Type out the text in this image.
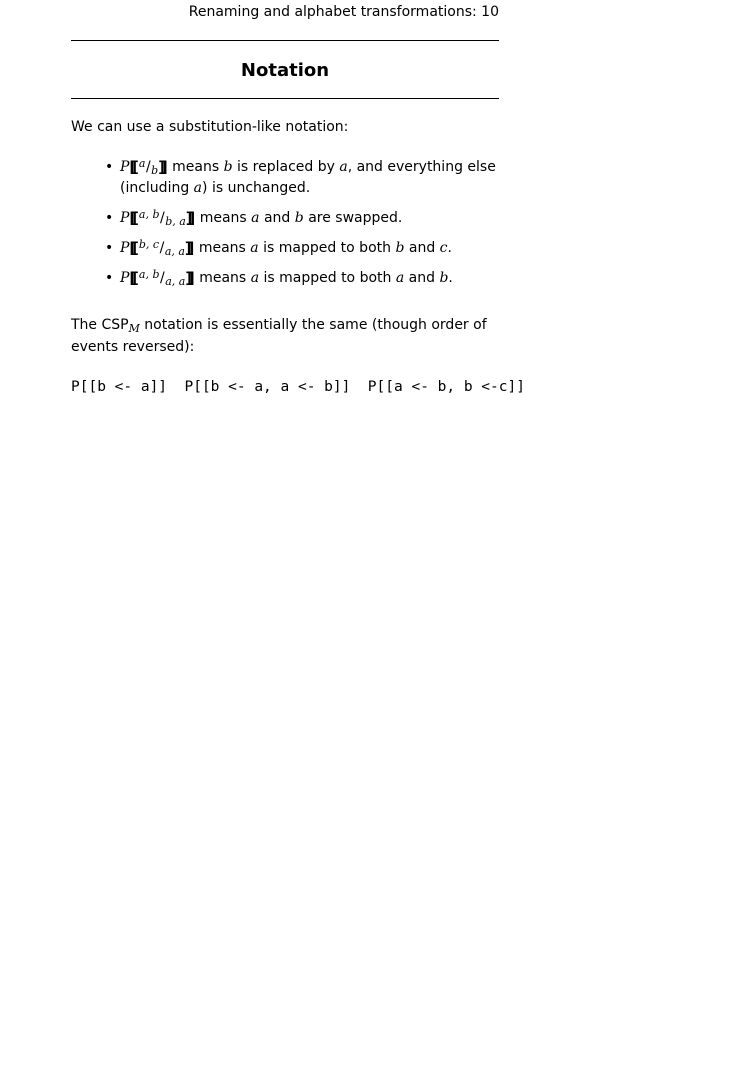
Renaming and alphabet transformations: 10
Notation
We can use a substitution-like notation:
• P[[ $^a/_b$]] means b is replaced by a, and everything else
(including a) is unchanged.
• P[[ $^{a, b}/_{b, a}$]] means a and b are swapped.
• P[[ $^{b, c}/_{a, a}$]] means a is mapped to both b and c.
• P[[ $^{a, b}/_{a, a}$]] means a is mapped to both a and b.
The $CSP_M$ notation is essentially the same (though order of
events reversed):
P[[b <- a]]  P[[b <- a, a <- b]]  P[[a <- b, b <-c]]
